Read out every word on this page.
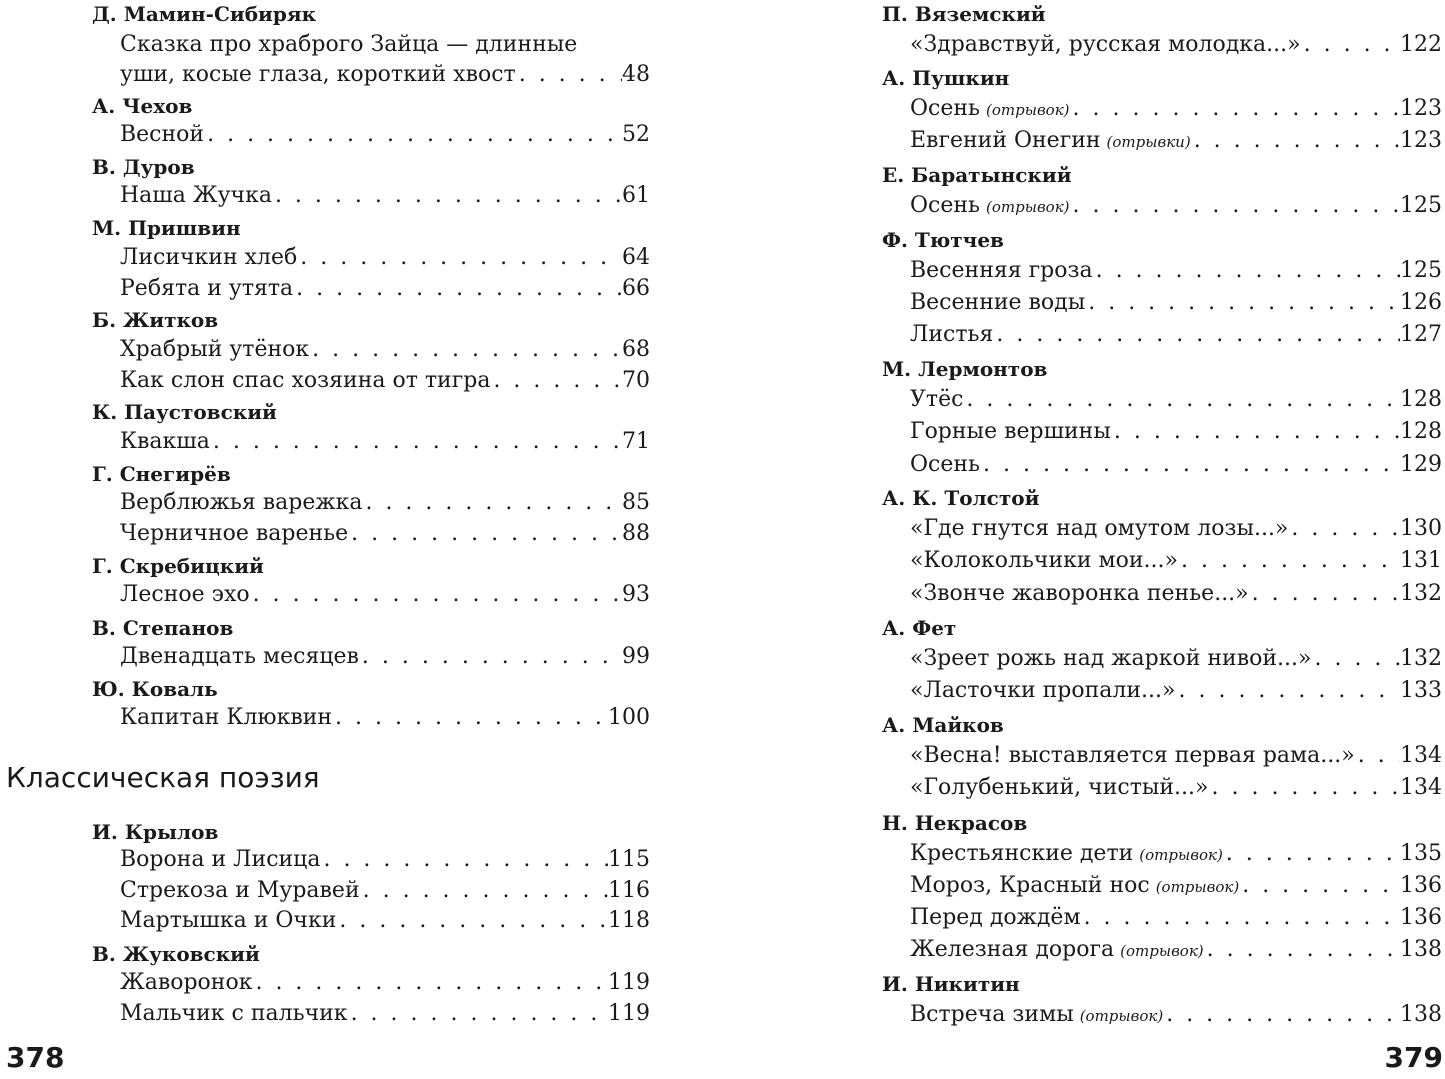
Д. Мамин-Сибиряк
Сказка про храброго Зайца — длинные
уши, косые глаза, короткий хвост . . .	48
А. Чехов
Весной . . .	52
В. Дуров
Наша Жучка . . .	61
М. Пришвин
Лисичкин хлеб . . .	64
Ребята и утята . . .	66
Б. Житков
Храбрый утёнок . . .	68
Как слон спас хозяина от тигра . . .	70
К. Паустовский
Квакша . . .	71
Г. Снегирёв
Верблюжья варежка . . .	85
Черничное варенье . . .	88
Г. Скребицкий
Лесное эхо . . .	93
В. Степанов
Двенадцать месяцев . . .	99
Ю. Коваль
Капитан Клюквин . . .	100
Классическая поэзия
И. Крылов
Ворона и Лисица . . .	115
Стрекоза и Муравей . . .	116
Мартышка и Очки . . .	118
В. Жуковский
Жаворонок . . .	119
Мальчик с пальчик . . .	119
378
П. Вяземский
«Здравствуй, русская молодка...» . . .	122
А. Пушкин
Осень (отрывок) . . .	123
Евгений Онегин (отрывки) . . .	123
Е. Баратынский
Осень (отрывок) . . .	125
Ф. Тютчев
Весенняя гроза . . .	125
Весенние воды . . .	126
Листья . . .	127
М. Лермонтов
Утёс . . .	128
Горные вершины . . .	128
Осень . . .	129
А. К. Толстой
«Где гнутся над омутом лозы...» . . .	130
«Колокольчики мои...» . . .	131
«Звонче жаворонка пенье...» . . .	132
А. Фет
«Зреет рожь над жаркой нивой...» . . .	132
«Ласточки пропали...» . . .	133
А. Майков
«Весна! выставляется первая рама...» . . . 134
«Голубенький, чистый...» . . .	134
Н. Некрасов
Крестьянские дети (отрывок) . . .	135
Мороз, Красный нос (отрывок) . . .	136
Перед дождём . . .	136
Железная дорога (отрывок) . . .	138
И. Никитин
Встреча зимы (отрывок) . . .	138
379
